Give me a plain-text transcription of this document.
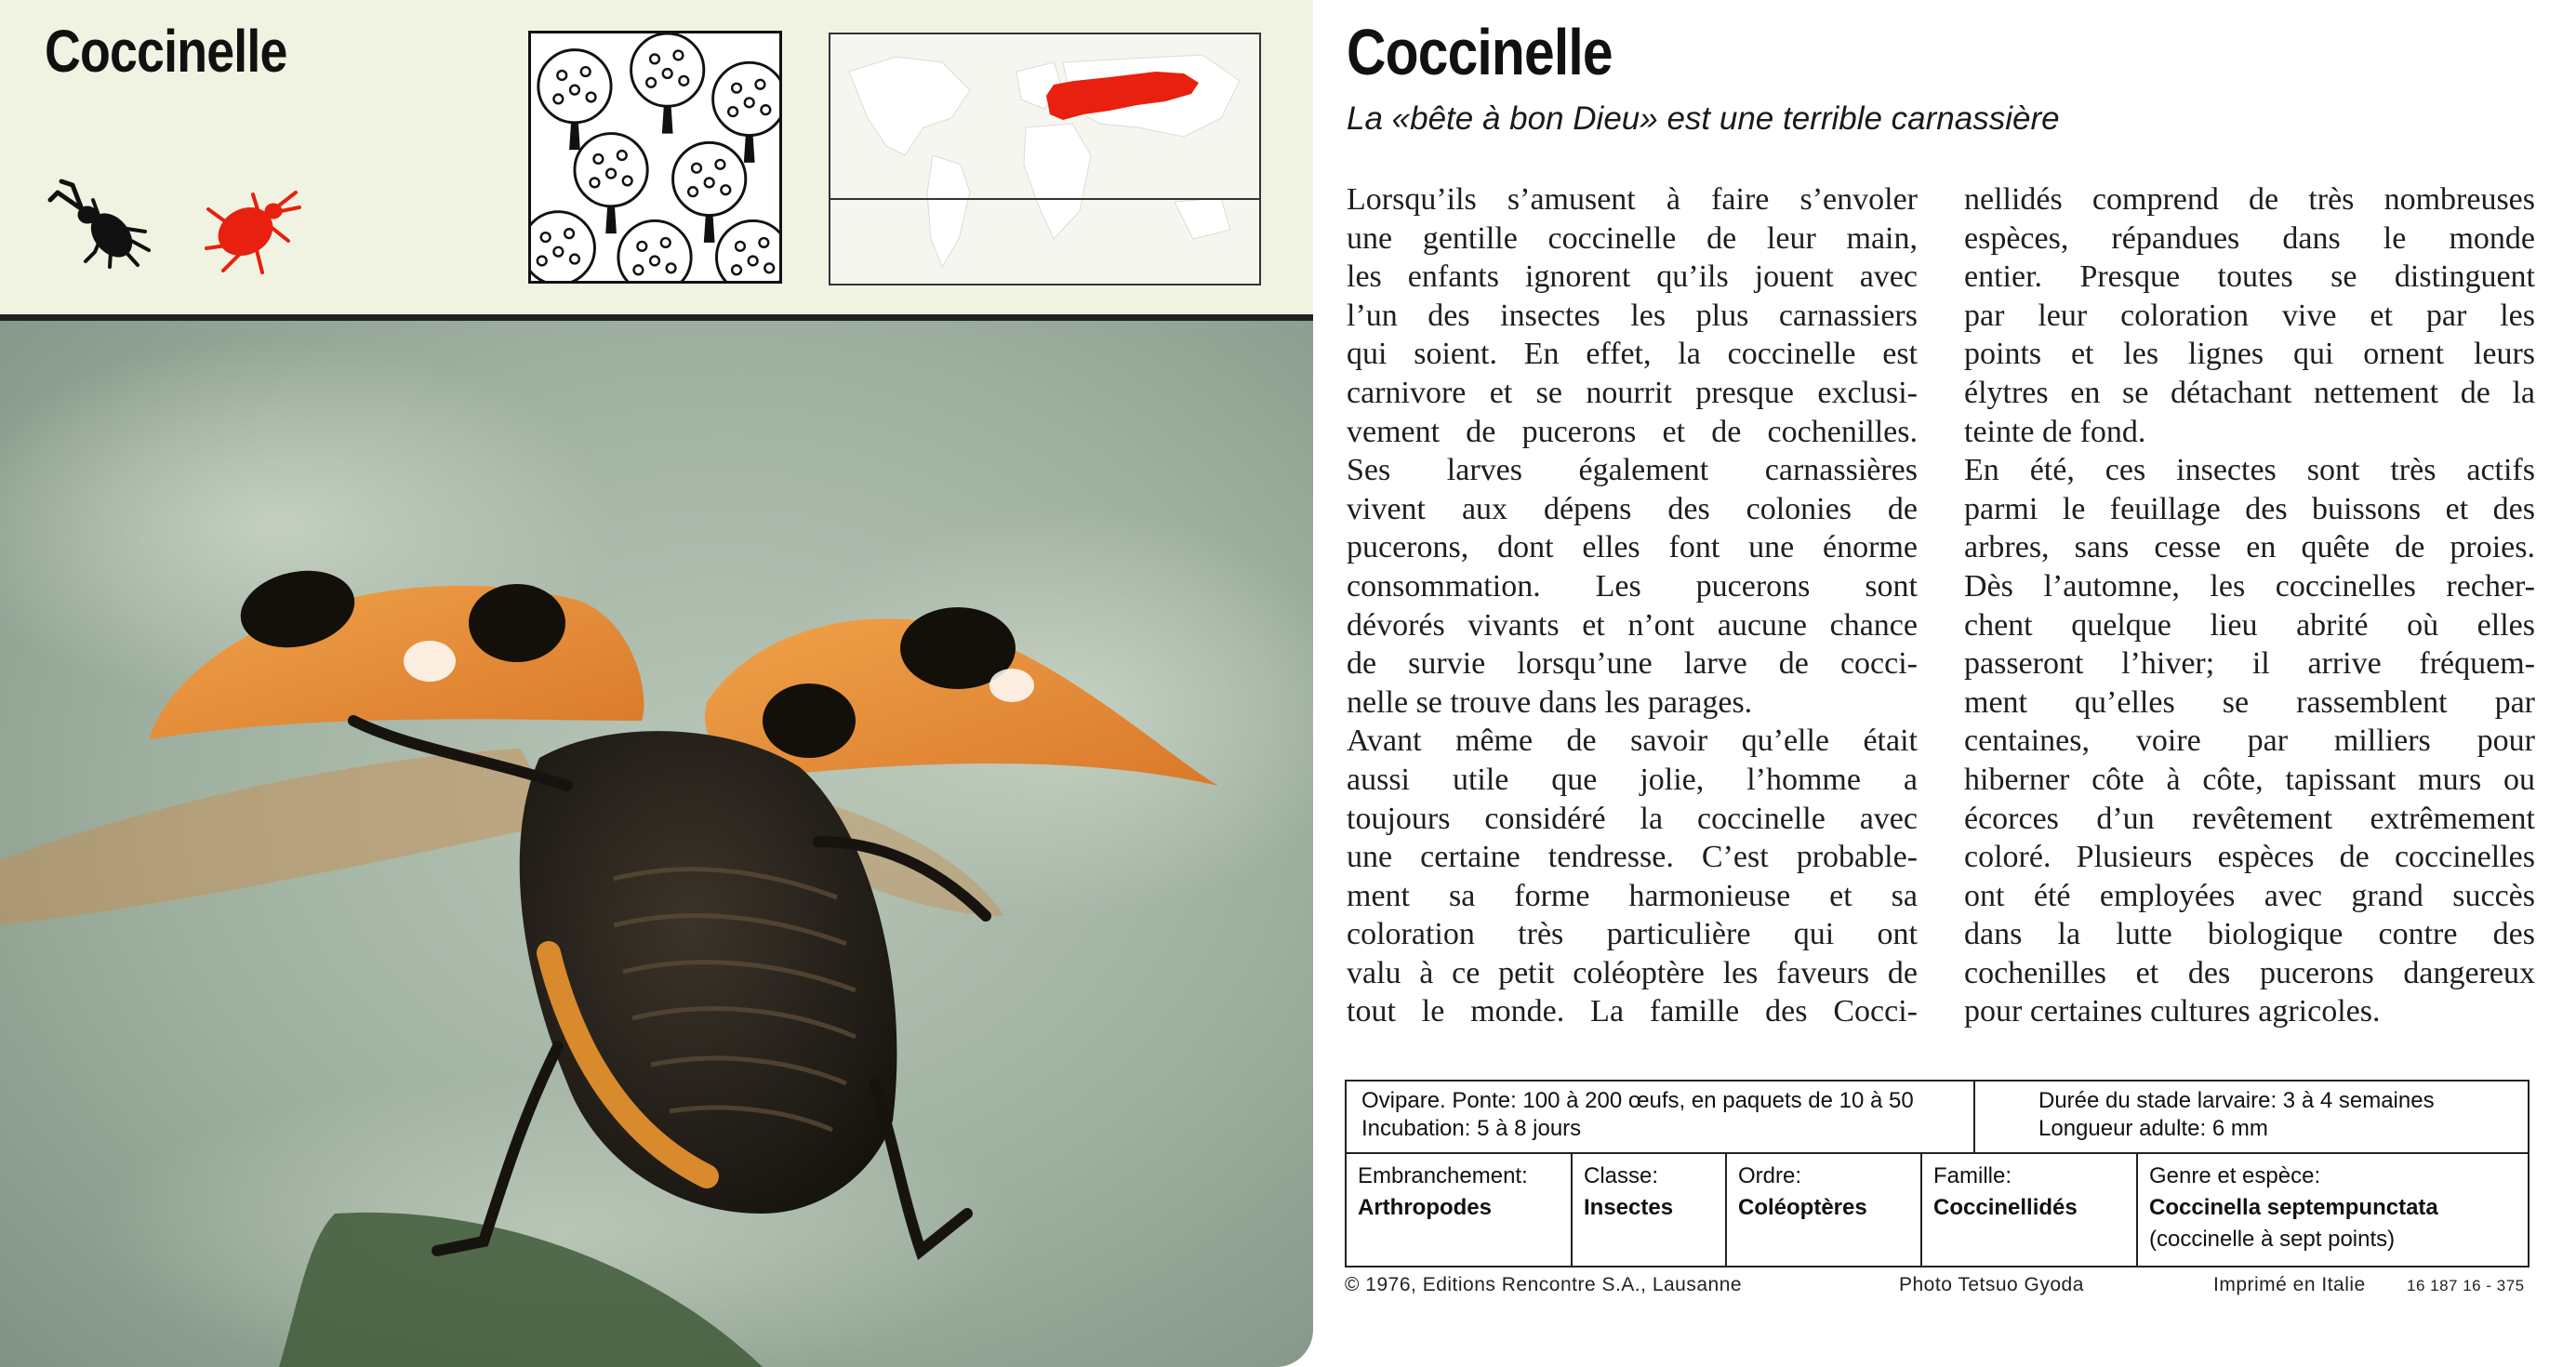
Coccinelle	Coccinelle
La «bête à bon Dieu» est une terrible carnassière
Lorsqu’ils s’amusent à faire s’envoler
une gentille coccinelle de leur main,
les enfants ignorent qu’ils jouent avec
l’un des insectes les plus carnassiers
qui soient. En effet, la coccinelle est
carnivore et se nourrit presque exclusi-
vement de pucerons et de cochenilles.
Ses larves également carnassières
vivent aux dépens des colonies de
pucerons, dont elles font une énorme
consommation. Les pucerons sont
dévorés vivants et n’ont aucune chance
de survie lorsqu’une larve de cocci-
nelle se trouve dans les parages.
Avant même de savoir qu’elle était
aussi utile que jolie, l’homme a
toujours considéré la coccinelle avec
une certaine tendresse. C’est probable-
ment sa forme harmonieuse et sa
coloration très particulière qui ont
valu à ce petit coléoptère les faveurs de
tout le monde. La famille des Cocci-
nellidés comprend de très nombreuses
espèces, répandues dans le monde
entier. Presque toutes se distinguent
par leur coloration vive et par les
points et les lignes qui ornent leurs
élytres en se détachant nettement de la
teinte de fond.
En été, ces insectes sont très actifs
parmi le feuillage des buissons et des
arbres, sans cesse en quête de proies.
Dès l’automne, les coccinelles recher-
chent quelque lieu abrité où elles
passeront l’hiver; il arrive fréquem-
ment qu’elles se rassemblent par
centaines, voire par milliers pour
hiberner côte à côte, tapissant murs ou
écorces d’un revêtement extrêmement
coloré. Plusieurs espèces de coccinelles
ont été employées avec grand succès
dans la lutte biologique contre des
cochenilles et des pucerons dangereux
pour certaines cultures agricoles.
Ovipare. Ponte: 100 à 200 œufs, en paquets de 10 à 50
Incubation: 5 à 8 jours
Durée du stade larvaire: 3 à 4 semaines
Longueur adulte: 6 mm
Embranchement:
Arthropodes
Classe:
Insectes
Ordre:
Coléoptères
Famille:
Coccinellidés
Genre et espèce:
Coccinella septempunctata
(coccinelle à sept points)
© 1976, Editions Rencontre S.A., Lausanne	Photo Tetsuo Gyoda	Imprimé en Italie	16 187 16 - 375
